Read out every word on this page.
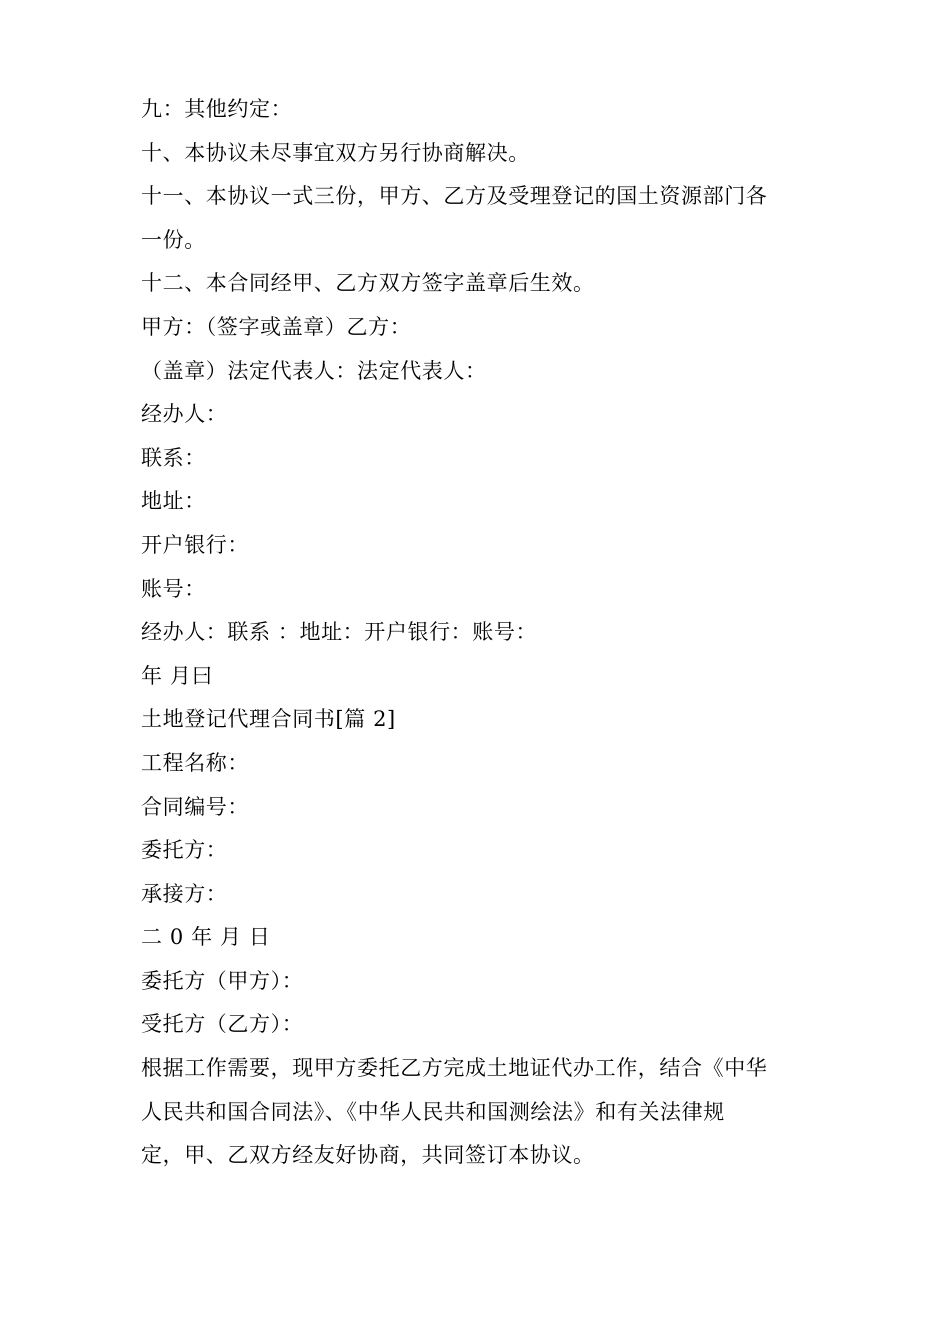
九：其他约定：

十、本协议未尽事宜双方另行协商解决。

十一、本协议一式三份，甲方、乙方及受理登记的国土资源部门各

一份。

十二、本合同经甲、乙方双方签字盖章后生效。

甲方：（签字或盖章）乙方：

（盖章）法定代表人：法定代表人：

经办人：

联系：

地址：

开户银行：

账号：

经办人：联系 ：地址：开户银行：账号：

年 月曰

土地登记代理合同书[篇 2]

工程名称：

合同编号：

委托方：

承接方：

二 0 年 月 日

委托方（甲方）：

受托方（乙方）：

根据工作需要，现甲方委托乙方完成土地证代办工作，结合《中华

人民共和国合同法》、《中华人民共和国测绘法》和有关法律规

定，甲、乙双方经友好协商，共同签订本协议。
